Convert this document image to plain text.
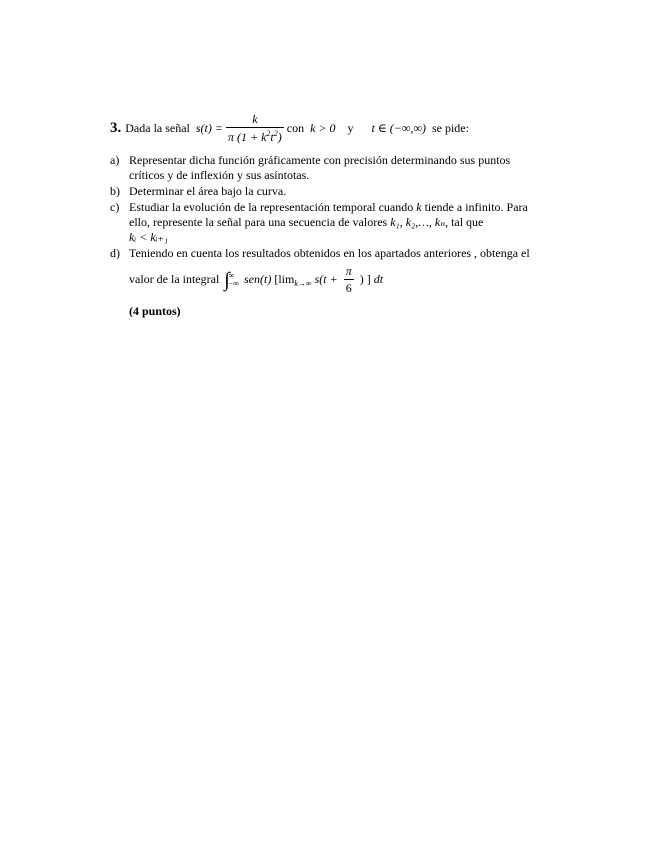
3. Dada la señal $s(t) = \frac{k}{\pi (1 + k^2t^2)}$ con k > 0 y t ∈ (−∞,∞) se pide:
a) Representar dicha función gráficamente con precisión determinando sus puntos
críticos y de inflexión y sus asíntotas.
b) Determinar el área bajo la curva.
c) Estudiar la evolución de la representación temporal cuando k tiende a infinito. Para
ello, represente la señal para una secuencia de valores k₁, k₂,…, kₙ, tal que
kᵢ < kᵢ₊₁
d) Teniendo en cuenta los resultados obtenidos en los apartados anteriores , obtenga el
valor de la integral ∫ ∞
−∞ sen(t) [$\lim_{k\to\infty}$ $s(t + \frac{\pi}{6}$ ) ] dt
(4 puntos)
